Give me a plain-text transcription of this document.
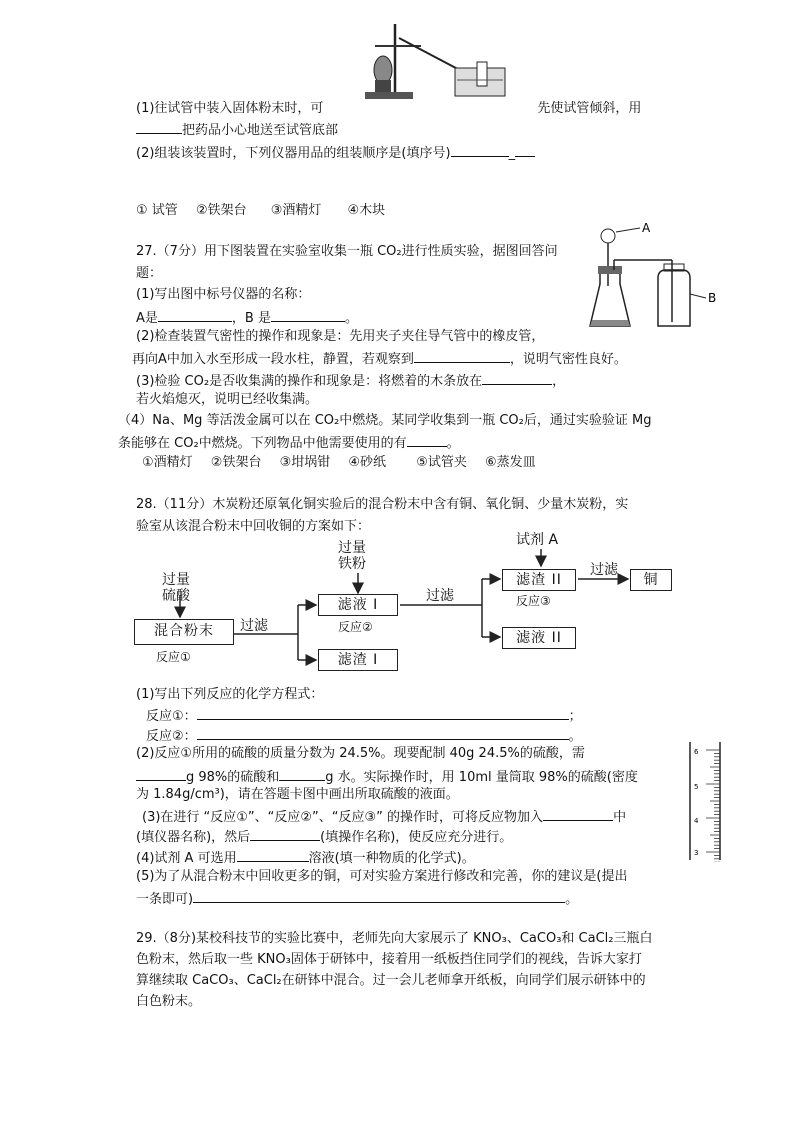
(1)往试管中装入固体粉末时，可	先使试管倾斜，用
把药品小心地送至试管底部
(2)组装该装置时，下列仪器用品的组装顺序是(填序号)	_
① 试管 ②铁架台 ③酒精灯 ④木块
A
B
27.（7分）用下图装置在实验室收集一瓶 CO₂进行性质实验，据图回答问
题：
(1)写出图中标号仪器的名称：
A是	，B 是	。
(2)检查装置气密性的操作和现象是：先用夹子夹住导气管中的橡皮管，
再向A中加入水至形成一段水柱，静置，若观察到	，说明气密性良好。
(3)检验 CO₂是否收集满的操作和现象是：将燃着的木条放在	，
若火焰熄灭，说明已经收集满。
（4）Na、Mg 等活泼金属可以在 CO₂中燃烧。某同学收集到一瓶 CO₂后，通过实验验证 Mg
条能够在 CO₂中燃烧。下列物品中他需要使用的有	。
①酒精灯 ②铁架台 ③坩埚钳 ④砂纸 ⑤试管夹 ⑥蒸发皿
28.（11分）木炭粉还原氧化铜实验后的混合粉末中含有铜、氧化铜、少量木炭粉，实
验室从该混合粉末中回收铜的方案如下：
过量
硫酸
混合粉末
反应①
过滤
过量
铁粉
滤液 I
反应②
滤渣 I
过滤
试剂 A
滤渣 II
反应③
过滤
铜
滤液 II
(1)写出下列反应的化学方程式：
反应①：	；
反应②：	。
(2)反应①所用的硫酸的质量分数为 24.5%。现要配制 40g 24.5%的硫酸，需
g 98%的硫酸和	g 水。实际操作时，用 10ml 量筒取 98%的硫酸(密度
为 1.84g/cm³)，请在答题卡图中画出所取硫酸的液面。
(3)在进行 “反应①”、“反应②”、“反应③” 的操作时，可将反应物加入	中
(填仪器名称)，然后	(填操作名称)，使反应充分进行。
(4)试剂 A 可选用	溶液(填一种物质的化学式)。
(5)为了从混合粉末中回收更多的铜，可对实验方案进行修改和完善，你的建议是(提出
一条即可)	。
6
5
4
3
29.（8分)某校科技节的实验比赛中，老师先向大家展示了 KNO₃、CaCO₃和 CaCl₂三瓶白
色粉末，然后取一些 KNO₃固体于研钵中，接着用一纸板挡住同学们的视线，告诉大家打
算继续取 CaCO₃、CaCl₂在研钵中混合。过一会儿老师拿开纸板，向同学们展示研钵中的
白色粉末。
